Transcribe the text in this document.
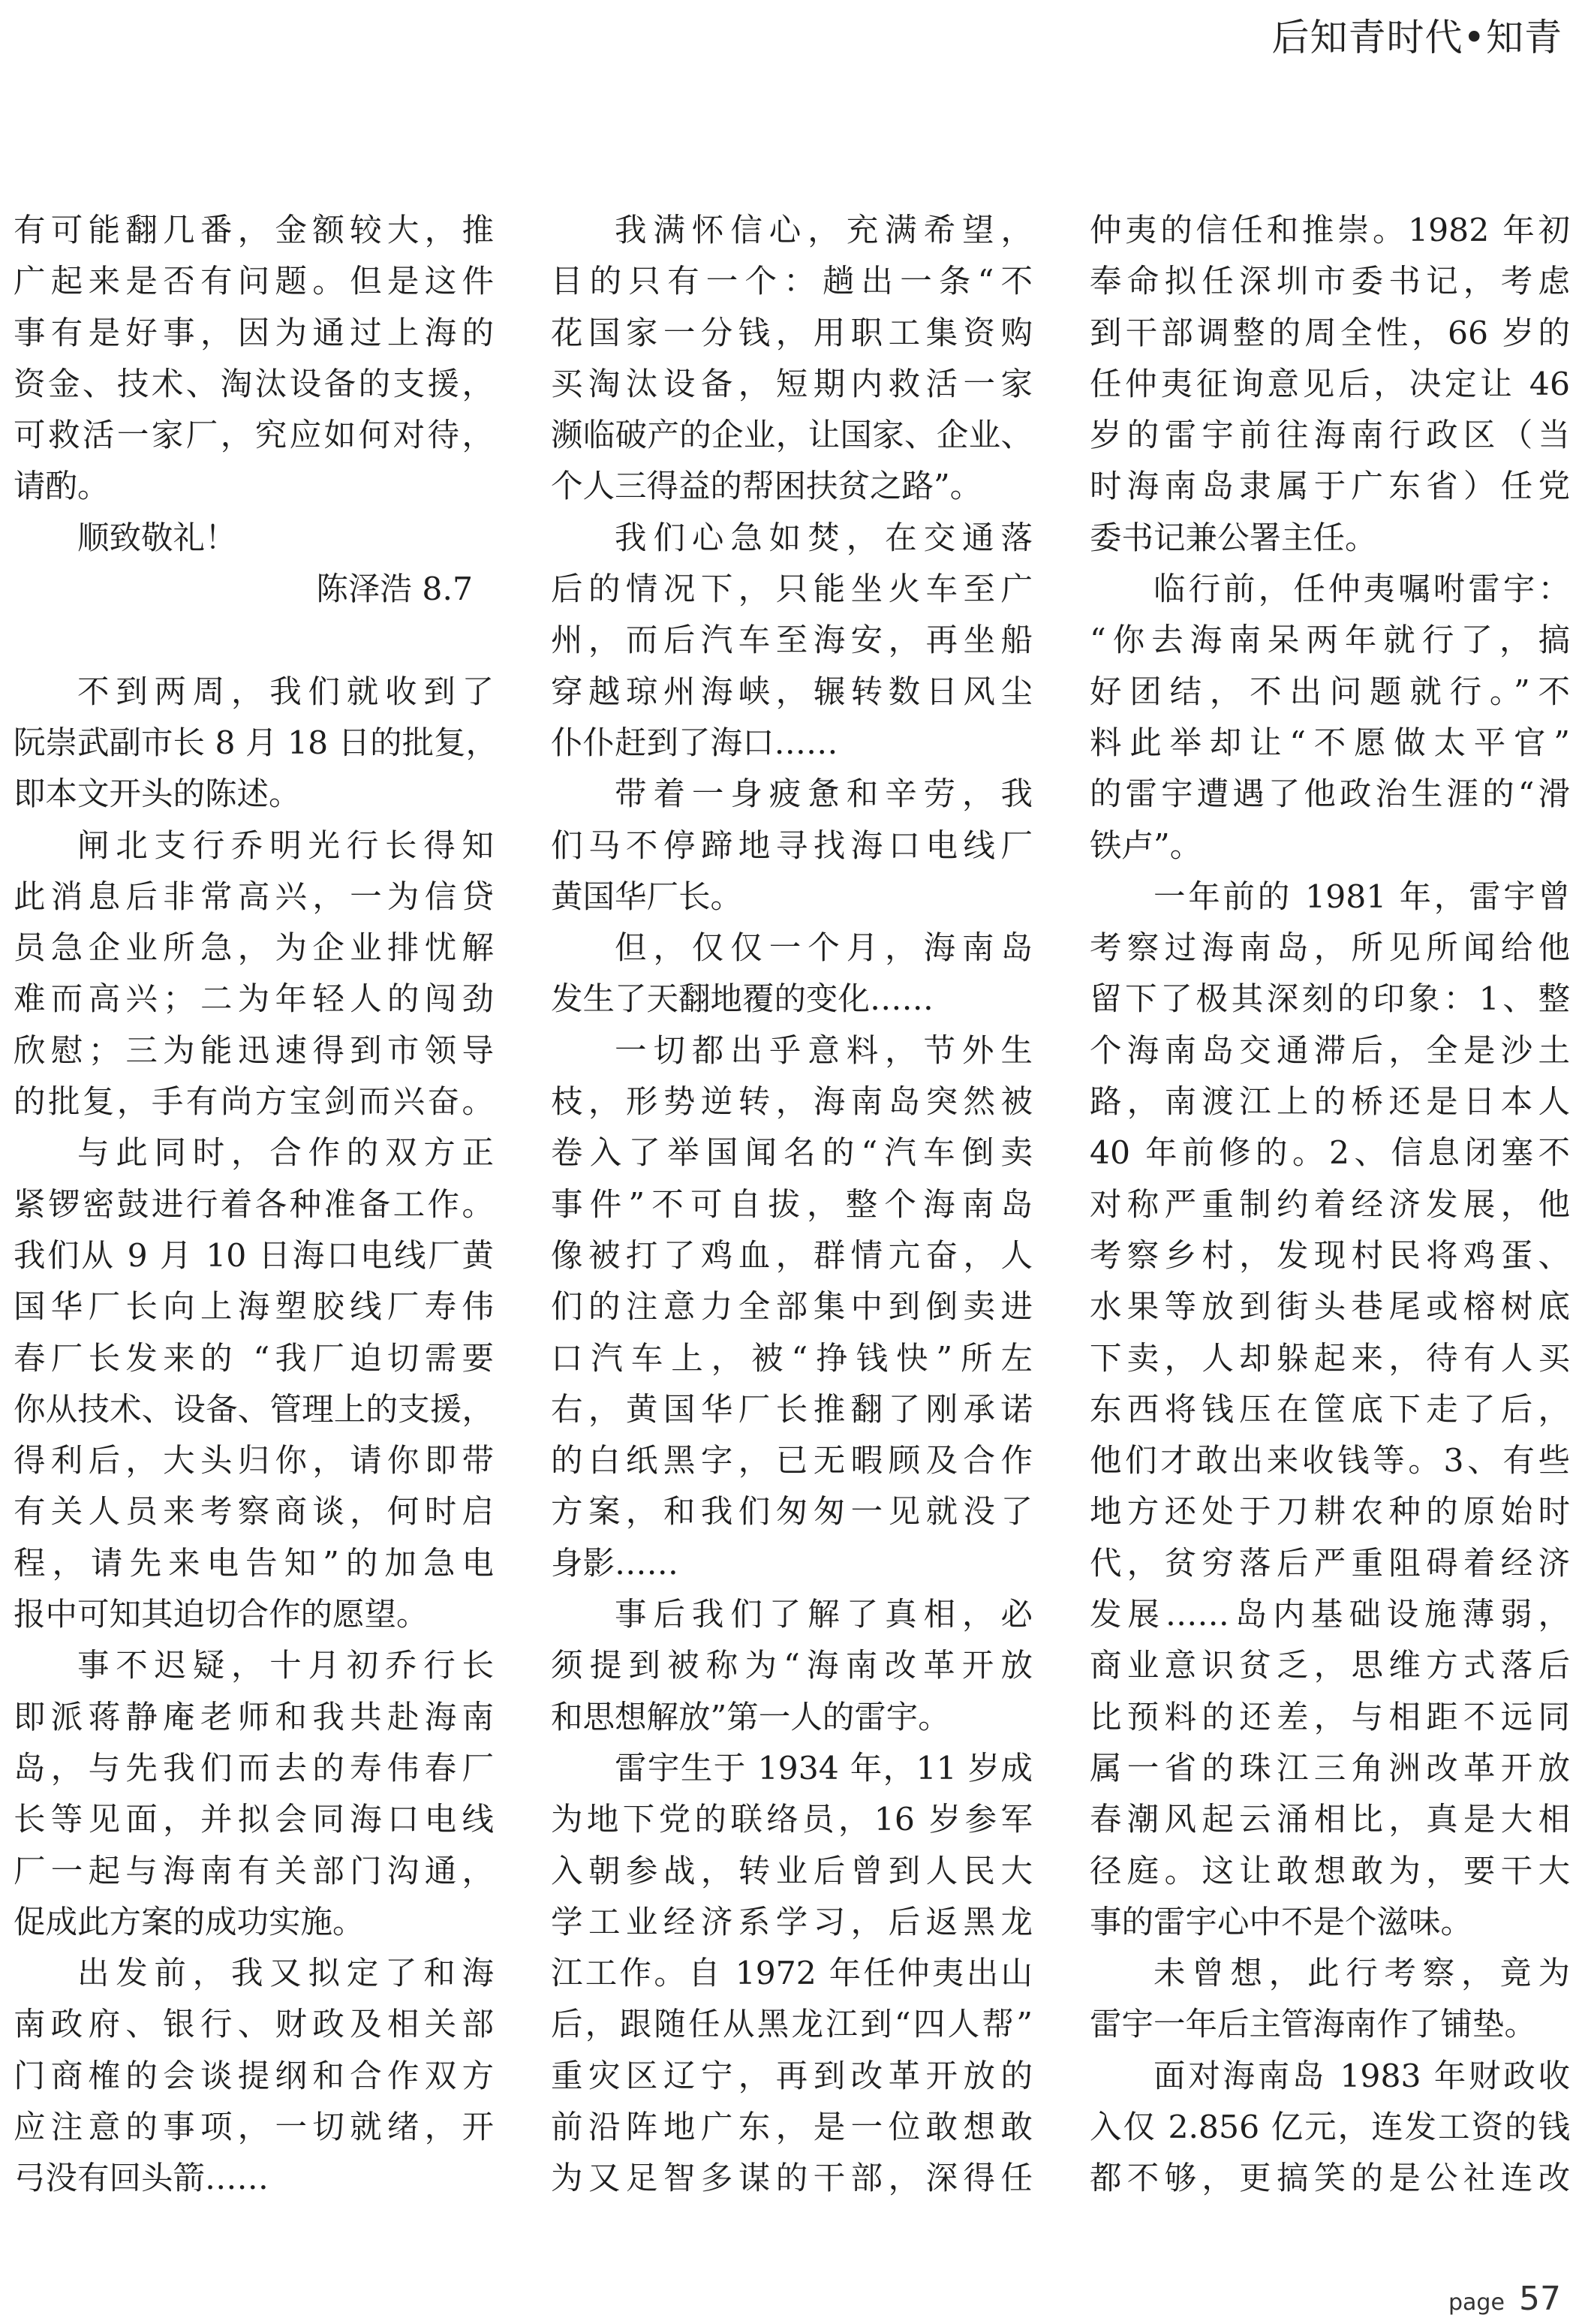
后知青时代•知青

有可能翻几番，金额较大，推

广起来是否有问题。但是这件

事有是好事，因为通过上海的

资金、技术、淘汰设备的支援，

可救活一家厂，究应如何对待，

请酌。

顺致敬礼！

陈泽浩 8.7

不到两周，我们就收到了

阮崇武副市长 8 月 18 日的批复，

即本文开头的陈述。

闸北支行乔明光行长得知

此消息后非常高兴，一为信贷

员急企业所急，为企业排忧解

难而高兴；二为年轻人的闯劲

欣慰；三为能迅速得到市领导

的批复，手有尚方宝剑而兴奋。

与此同时，合作的双方正

紧锣密鼓进行着各种准备工作。

我们从 9 月 10 日海口电线厂黄

国华厂长向上海塑胶线厂寿伟

春厂长发来的 “我厂迫切需要

你从技术、设备、管理上的支援，

得利后，大头归你，请你即带

有关人员来考察商谈，何时启

程，请先来电告知”的加急电

报中可知其迫切合作的愿望。

事不迟疑，十月初乔行长

即派蒋静庵老师和我共赴海南

岛，与先我们而去的寿伟春厂

长等见面，并拟会同海口电线

厂一起与海南有关部门沟通，

促成此方案的成功实施。

出发前，我又拟定了和海

南政府、银行、财政及相关部

门商榷的会谈提纲和合作双方

应注意的事项，一切就绪，开

弓没有回头箭……

我满怀信心，充满希望，

目的只有一个：趟出一条“不

花国家一分钱，用职工集资购

买淘汰设备，短期内救活一家

濒临破产的企业，让国家、企业、

个人三得益的帮困扶贫之路”。

我们心急如焚，在交通落

后的情况下，只能坐火车至广

州，而后汽车至海安，再坐船

穿越琼州海峡，辗转数日风尘

仆仆赶到了海口……

带着一身疲惫和辛劳，我

们马不停蹄地寻找海口电线厂

黄国华厂长。

但，仅仅一个月，海南岛

发生了天翻地覆的变化……

一切都出乎意料，节外生

枝，形势逆转，海南岛突然被

卷入了举国闻名的“汽车倒卖

事件”不可自拔，整个海南岛

像被打了鸡血，群情亢奋，人

们的注意力全部集中到倒卖进

口汽车上，被“挣钱快”所左

右，黄国华厂长推翻了刚承诺

的白纸黑字，已无暇顾及合作

方案，和我们匆匆一见就没了

身影……

事后我们了解了真相，必

须提到被称为“海南改革开放

和思想解放”第一人的雷宇。

雷宇生于 1934 年，11 岁成

为地下党的联络员，16 岁参军

入朝参战，转业后曾到人民大

学工业经济系学习，后返黑龙

江工作。自 1972 年任仲夷出山

后，跟随任从黑龙江到“四人帮”

重灾区辽宁，再到改革开放的

前沿阵地广东，是一位敢想敢

为又足智多谋的干部，深得任

仲夷的信任和推崇。1982 年初

奉命拟任深圳市委书记，考虑

到干部调整的周全性，66 岁的

任仲夷征询意见后，决定让 46

岁的雷宇前往海南行政区（当

时海南岛隶属于广东省）任党

委书记兼公署主任。

临行前，任仲夷嘱咐雷宇：

“你去海南呆两年就行了，搞

好团结，不出问题就行。”不

料此举却让“不愿做太平官”

的雷宇遭遇了他政治生涯的“滑

铁卢”。

一年前的 1981 年，雷宇曾

考察过海南岛，所见所闻给他

留下了极其深刻的印象：1、整

个海南岛交通滞后，全是沙土

路，南渡江上的桥还是日本人

40 年前修的。2、信息闭塞不

对称严重制约着经济发展，他

考察乡村，发现村民将鸡蛋、

水果等放到街头巷尾或榕树底

下卖，人却躲起来，待有人买

东西将钱压在筐底下走了后，

他们才敢出来收钱等。3、有些

地方还处于刀耕农种的原始时

代，贫穷落后严重阻碍着经济

发展……岛内基础设施薄弱，

商业意识贫乏，思维方式落后

比预料的还差，与相距不远同

属一省的珠江三角洲改革开放

春潮风起云涌相比，真是大相

径庭。这让敢想敢为，要干大

事的雷宇心中不是个滋味。

未曾想，此行考察，竟为

雷宇一年后主管海南作了铺垫。

面对海南岛 1983 年财政收

入仅 2.856 亿元，连发工资的钱

都不够，更搞笑的是公社连改

page 57
